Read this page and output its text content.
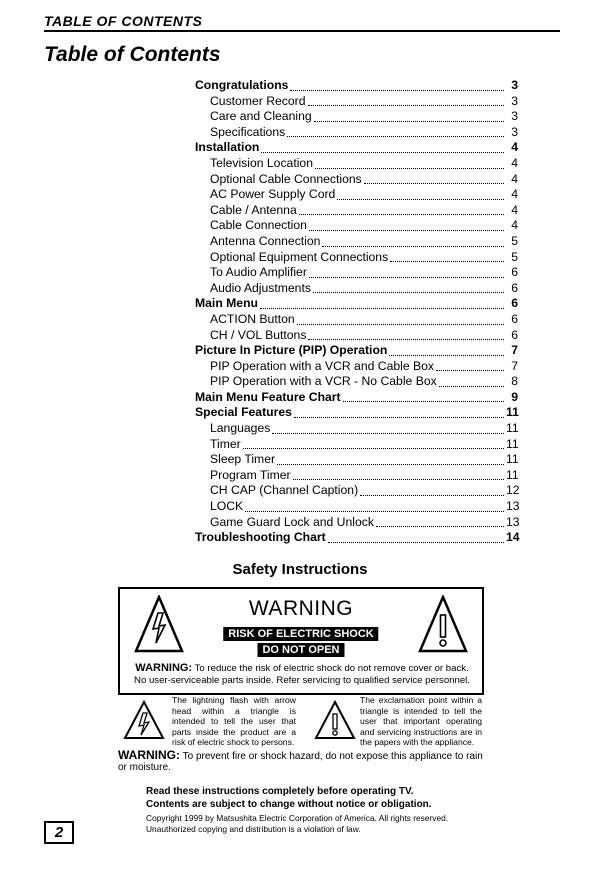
TABLE OF CONTENTS
Table of Contents
Congratulations	3
Customer Record	3
Care and Cleaning	3
Specifications	3
Installation	4
Television Location	4
Optional Cable Connections	4
AC Power Supply Cord	4
Cable / Antenna	4
Cable Connection	4
Antenna Connection	5
Optional Equipment Connections	5
To Audio Amplifier	6
Audio Adjustments	6
Main Menu	6
ACTION Button	6
CH / VOL Buttons	6
Picture In Picture (PIP) Operation	7
PIP Operation with a VCR and Cable Box	7
PIP Operation with a VCR - No Cable Box	8
Main Menu Feature Chart	9
Special Features	11
Languages	11
Timer	11
Sleep Timer	11
Program Timer	11
CH CAP (Channel Caption)	12
LOCK	13
Game Guard Lock and Unlock	13
Troubleshooting Chart	14
Safety Instructions
WARNING
RISK OF ELECTRIC SHOCK
DO NOT OPEN
WARNING: To reduce the risk of electric shock do not remove cover or back.
No user-serviceable parts inside. Refer servicing to qualified service personnel.
The lightning flash with arrow head within a triangle is intended to tell the user that parts inside the product are a risk of electric shock to persons.
The exclamation point within a triangle is intended to tell the user that important operating and servicing instructions are in the papers with the appliance.
WARNING: To prevent fire or shock hazard, do not expose this appliance to rain or moisture.
Read these instructions completely before operating TV.
Contents are subject to change without notice or obligation.
Copyright 1999 by Matsushita Electric Corporation of America. All rights reserved.
Unauthorized copying and distribution is a violation of law.
2
